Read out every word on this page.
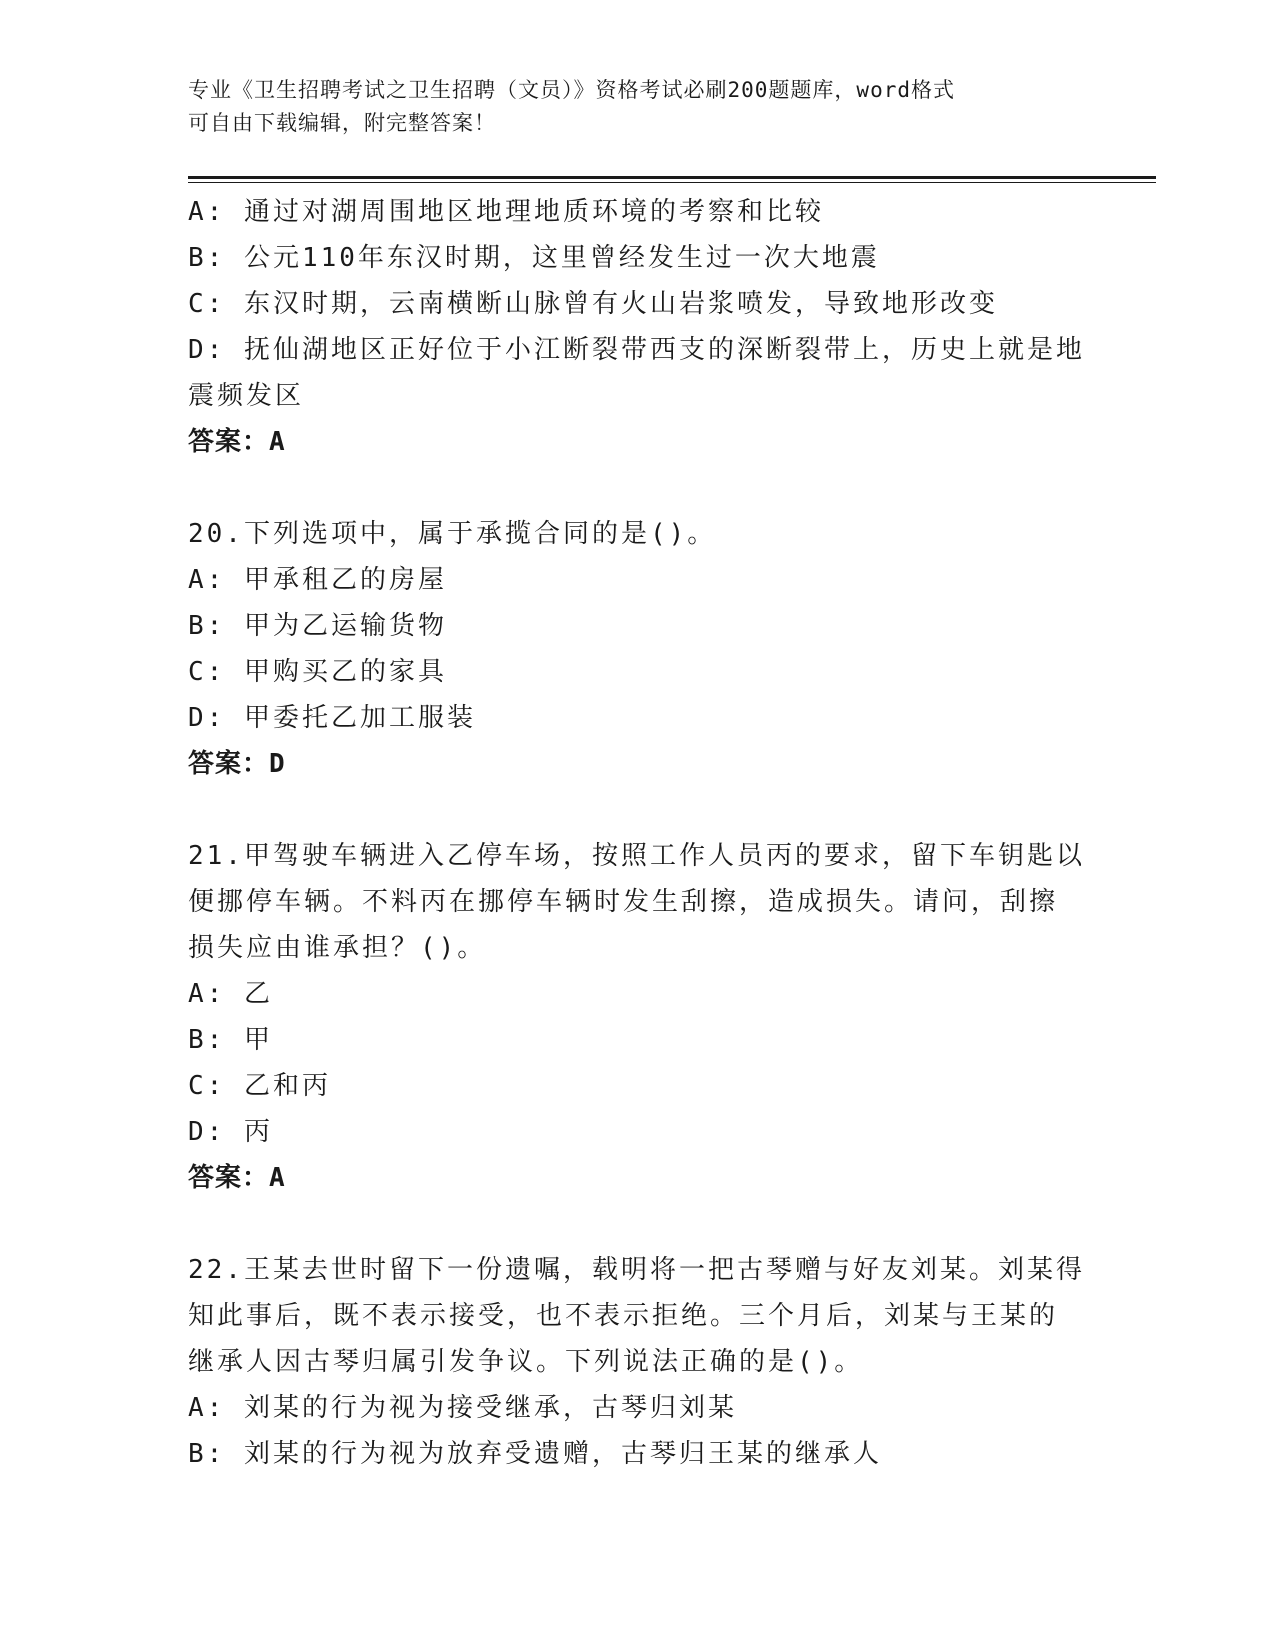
专业《卫生招聘考试之卫生招聘（文员）》资格考试必刷200题题库，word格式
可自由下载编辑，附完整答案！
A: 通过对湖周围地区地理地质环境的考察和比较
B: 公元110年东汉时期，这里曾经发生过一次大地震
C: 东汉时期，云南横断山脉曾有火山岩浆喷发，导致地形改变
D: 抚仙湖地区正好位于小江断裂带西支的深断裂带上，历史上就是地
震频发区
答案：A
20.下列选项中，属于承揽合同的是()。
A: 甲承租乙的房屋
B: 甲为乙运输货物
C: 甲购买乙的家具
D: 甲委托乙加工服装
答案：D
21.甲驾驶车辆进入乙停车场，按照工作人员丙的要求，留下车钥匙以
便挪停车辆。不料丙在挪停车辆时发生刮擦，造成损失。请问，刮擦
损失应由谁承担？()。
A: 乙
B: 甲
C: 乙和丙
D: 丙
答案：A
22.王某去世时留下一份遗嘱，载明将一把古琴赠与好友刘某。刘某得
知此事后，既不表示接受，也不表示拒绝。三个月后，刘某与王某的
继承人因古琴归属引发争议。下列说法正确的是()。
A: 刘某的行为视为接受继承，古琴归刘某
B: 刘某的行为视为放弃受遗赠，古琴归王某的继承人
